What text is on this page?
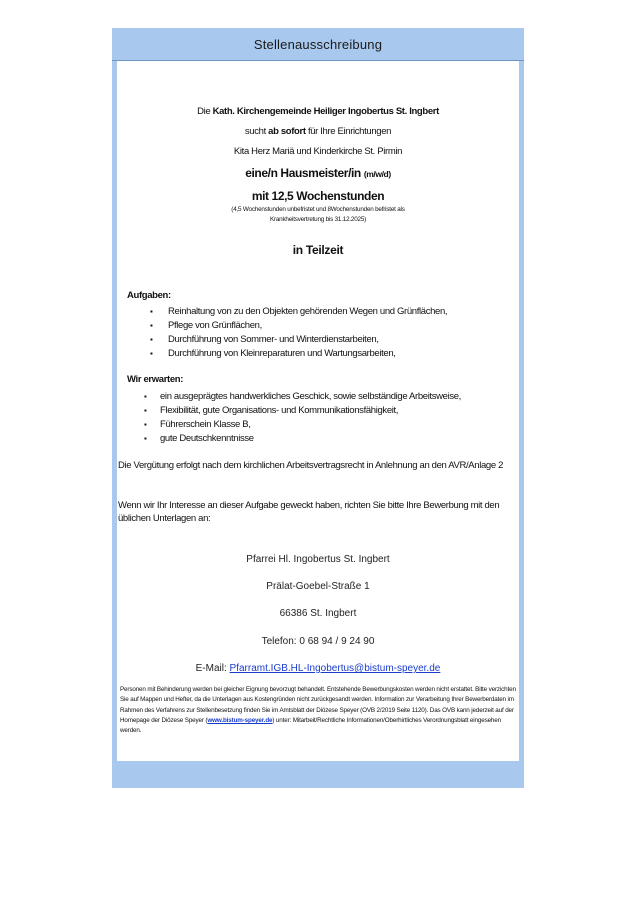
Stellenausschreibung
Die Kath. Kirchengemeinde Heiliger Ingobertus St. Ingbert
sucht ab sofort für Ihre Einrichtungen
Kita Herz Mariä und Kinderkirche St. Pirmin
eine/n Hausmeister/in (m/w/d)
mit 12,5 Wochenstunden
(4,5 Wochenstunden unbefristet und 8Wochenstunden befristet als
Krankheitsvertretung bis 31.12.2025)
in Teilzeit
Aufgaben:
▪ Reinhaltung von zu den Objekten gehörenden Wegen und Grünflächen,
▪ Pflege von Grünflächen,
▪ Durchführung von Sommer- und Winterdienstarbeiten,
▪ Durchführung von Kleinreparaturen und Wartungsarbeiten,
Wir erwarten:
▪ ein ausgeprägtes handwerkliches Geschick, sowie selbständige Arbeitsweise,
▪ Flexibilität, gute Organisations- und Kommunikationsfähigkeit,
▪ Führerschein Klasse B,
▪ gute Deutschkenntnisse
Die Vergütung erfolgt nach dem kirchlichen Arbeitsvertragsrecht in Anlehnung an den AVR/Anlage 2
Wenn wir Ihr Interesse an dieser Aufgabe geweckt haben, richten Sie bitte Ihre Bewerbung mit den üblichen Unterlagen an:
Pfarrei Hl. Ingobertus St. Ingbert
Prälat-Goebel-Straße 1
66386 St. Ingbert
Telefon: 0 68 94 / 9 24 90
E-Mail: Pfarramt.IGB.HL-Ingobertus@bistum-speyer.de
Personen mit Behinderung werden bei gleicher Eignung bevorzugt behandelt. Entstehende Bewerbungskosten werden nicht erstattet. Bitte verzichten Sie auf Mappen und Hefter, da die Unterlagen aus Kostengründen nicht zurückgesandt werden. Information zur Verarbeitung Ihrer Bewerberdaten im Rahmen des Verfahrens zur Stellenbesetzung finden Sie im Amtsblatt der Diözese Speyer (OVB 2/2019 Seite 1120). Das OVB kann jederzeit auf der Homepage der Diözese Speyer (www.bistum-speyer.de) unter: Mitarbeit/Rechtliche Informationen/Oberhirtliches Verordnungsblatt eingesehen werden.
